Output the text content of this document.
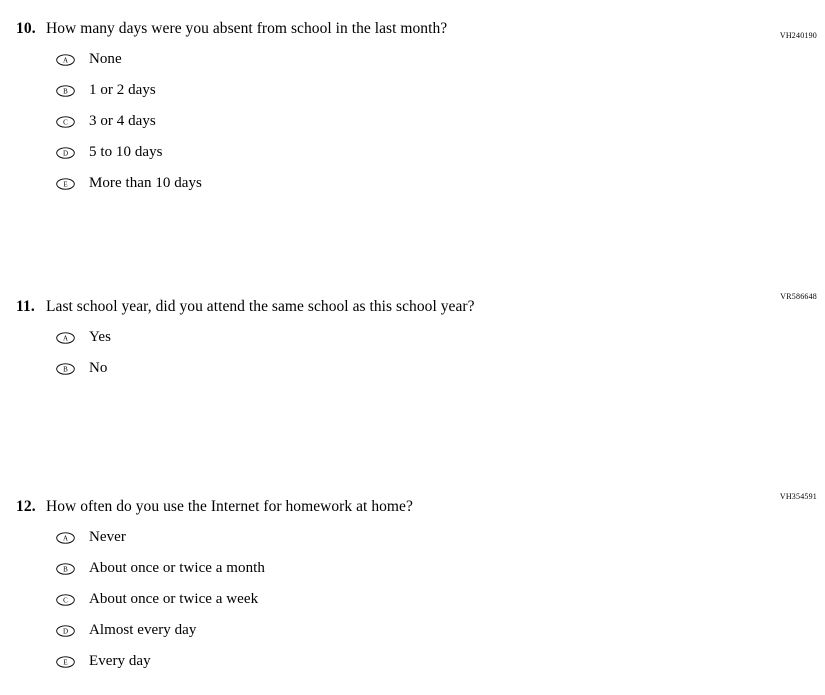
VH240190
10. How many days were you absent from school in the last month?
A None
B 1 or 2 days
C 3 or 4 days
D 5 to 10 days
E More than 10 days
VR586648
11. Last school year, did you attend the same school as this school year?
A Yes
B No
VH354591
12. How often do you use the Internet for homework at home?
A Never
B About once or twice a month
C About once or twice a week
D Almost every day
E Every day
